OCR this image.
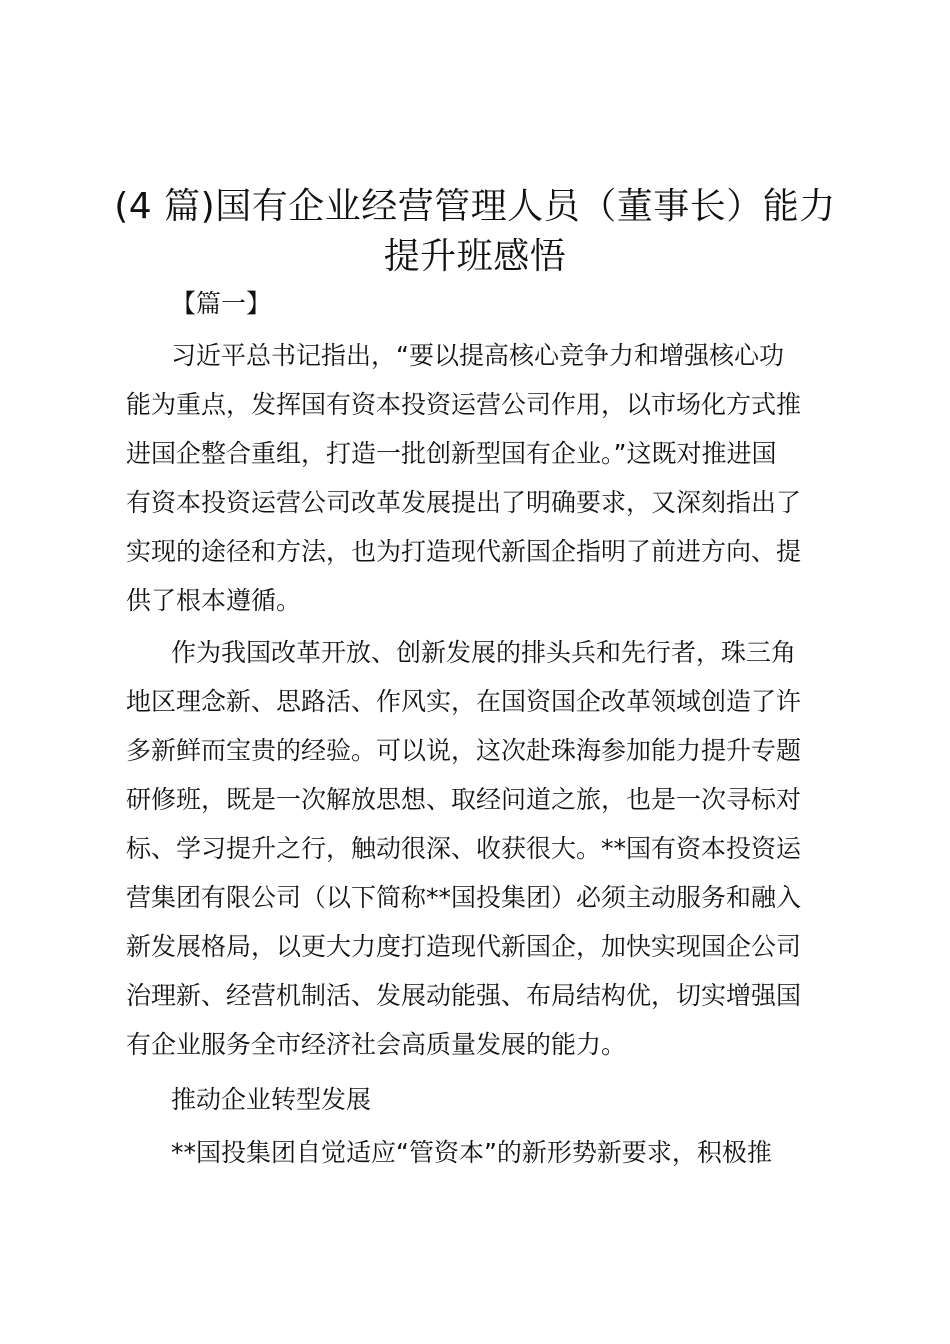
(4 篇)国有企业经营管理人员（董事长）能力
提升班感悟
【篇一】
习近平总书记指出，“要以提高核心竞争力和增强核心功
能为重点，发挥国有资本投资运营公司作用，以市场化方式推
进国企整合重组，打造一批创新型国有企业。”这既对推进国
有资本投资运营公司改革发展提出了明确要求，又深刻指出了
实现的途径和方法，也为打造现代新国企指明了前进方向、提
供了根本遵循。
作为我国改革开放、创新发展的排头兵和先行者，珠三角
地区理念新、思路活、作风实，在国资国企改革领域创造了许
多新鲜而宝贵的经验。可以说，这次赴珠海参加能力提升专题
研修班，既是一次解放思想、取经问道之旅，也是一次寻标对
标、学习提升之行，触动很深、收获很大。**国有资本投资运
营集团有限公司（以下简称**国投集团）必须主动服务和融入
新发展格局，以更大力度打造现代新国企，加快实现国企公司
治理新、经营机制活、发展动能强、布局结构优，切实增强国
有企业服务全市经济社会高质量发展的能力。
推动企业转型发展
**国投集团自觉适应“管资本”的新形势新要求，积极推
